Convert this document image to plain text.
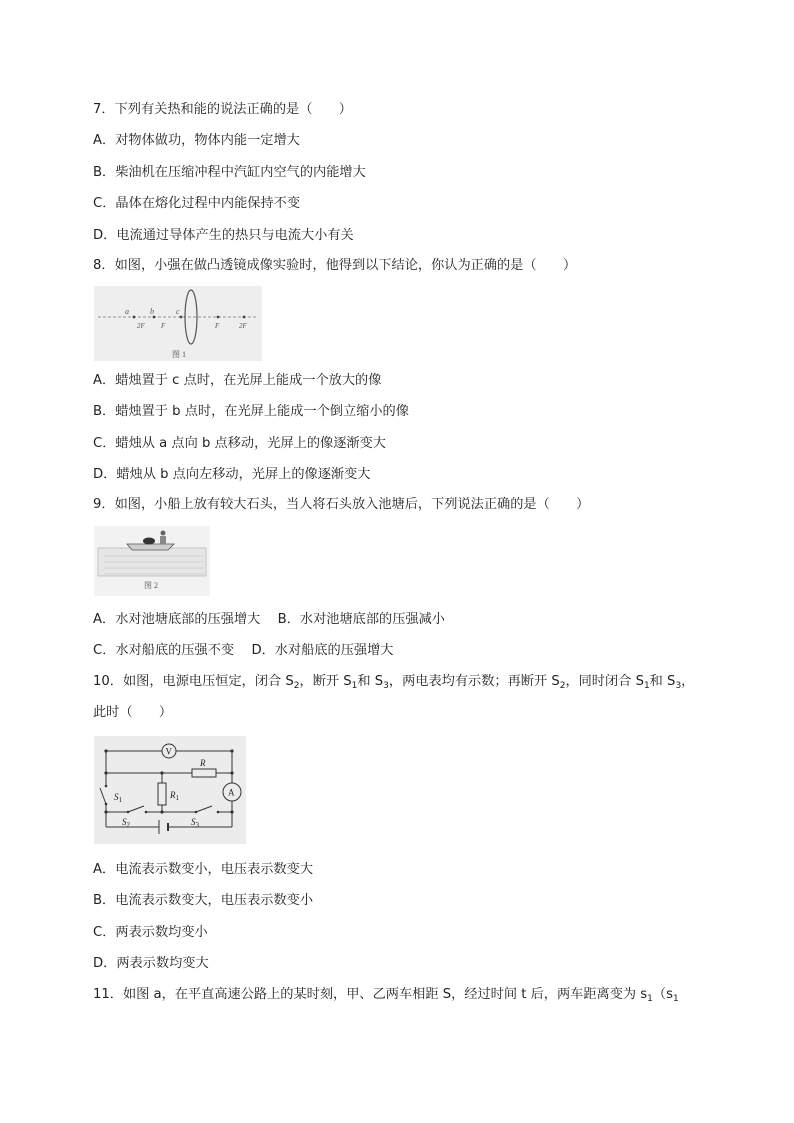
7．下列有关热和能的说法正确的是（　　）
A．对物体做功，物体内能一定增大
B．柴油机在压缩冲程中汽缸内空气的内能增大
C．晶体在熔化过程中内能保持不变
D．电流通过导体产生的热只与电流大小有关
8．如图，小强在做凸透镜成像实验时，他得到以下结论，你认为正确的是（　　）
a	b	c
2F F	F	2F
图 1
A．蜡烛置于 c 点时，在光屏上能成一个放大的像
B．蜡烛置于 b 点时，在光屏上能成一个倒立缩小的像
C．蜡烛从 a 点向 b 点移动，光屏上的像逐渐变大
D．蜡烛从 b 点向左移动，光屏上的像逐渐变大
9．如图，小船上放有较大石头，当人将石头放入池塘后，下列说法正确的是（　　）
图 2
A．水对池塘底部的压强增大　 B．水对池塘底部的压强减小
C．水对船底的压强不变　 D．水对船底的压强增大
10．如图，电源电压恒定，闭合 $S_2$，断开 $S_1$和 $S_3$，两电表均有示数；再断开 $S_2$，同时闭合 $S_1$和 $S_3$，
此时（　　）
V
R
$R_1$
A
$S_1$
$S_2$	$S_3$
A．电流表示数变小，电压表示数变大
B．电流表示数变大，电压表示数变小
C．两表示数均变小
D．两表示数均变大
11．如图 a，在平直高速公路上的某时刻，甲、乙两车相距 S，经过时间 t 后，两车距离变为 $s_1(s_1$
